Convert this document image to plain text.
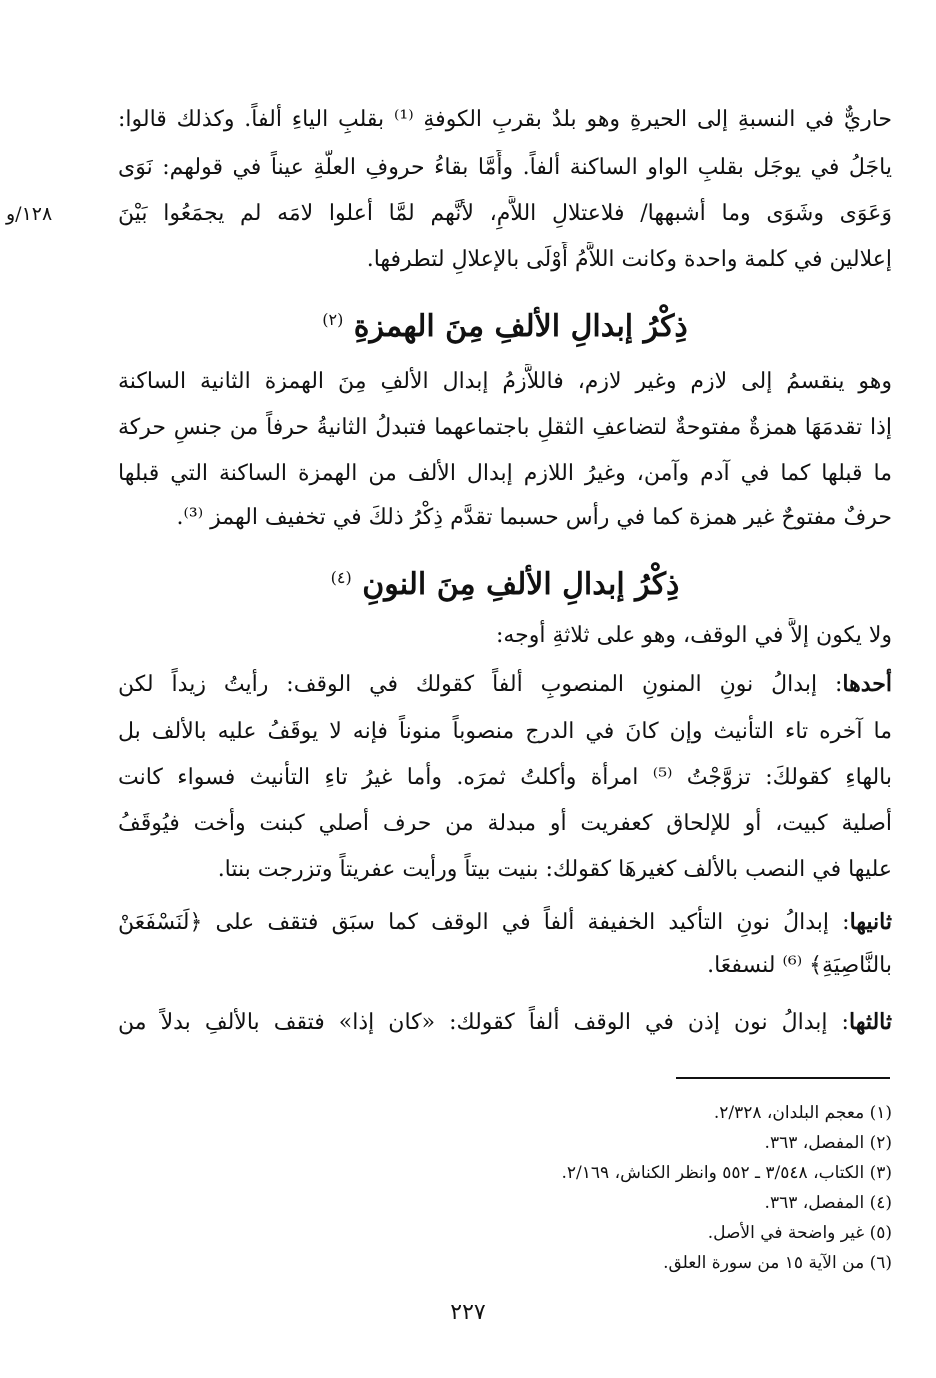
حاريٌّ في النسبةِ إلى الحيرةِ وهو بلدٌ بقربِ الكوفةِ ⁽¹⁾ بقلبِ الياءِ ألفاً. وكذلك قالوا:
ياجَلُ في يوجَل بقلبِ الواو الساكنة ألفاً. وأَمَّا بقاءُ حروفِ العلَّةِ عيناً في قولهم: نَوَى
وَعَوَى وشَوَى وما أشبهها/ فلاعتلالِ اللاَّمِ، لأنَّهم لمَّا أعلوا لامَه لم يجمَعُوا بَيْنَ
إعلالين في كلمة واحدة وكانت اللاَّمُ أَوْلَى بالإعلالِ لتطرفها.
١٢٨/و
ذِكْرُ إبدالِ الألفِ مِنَ الهمزةِ $^{(٢)}$
وهو ينقسمُ إلى لازم وغير لازم، فاللاَّزمُ إبدال الألفِ مِنَ الهمزة الثانية الساكنة
إذا تقدمَهَا همزةٌ مفتوحةٌ لتضاعفِ الثقلِ باجتماعهما فتبدلُ الثانيةُ حرفاً من جنسِ حركة
ما قبلها كما في آدم وآمن، وغيرُ اللازم إبدال الألف من الهمزة الساكنة التي قبلها
حرفٌ مفتوحٌ غير همزة كما في رأس حسبما تقدَّم ذِكْرُ ذلكَ في تخفيف الهمز ⁽³⁾.
ذِكْرُ إبدالِ الألفِ مِنَ النونِ $^{(٤)}$
ولا يكون إلاَّ في الوقف، وهو على ثلاثةِ أوجه:
أحدها: إبدالُ نونِ المنونِ المنصوبِ ألفاً كقولك في الوقف: رأيتُ زيداً لكن
ما آخره تاء التأنيث وإن كانَ في الدرج منصوباً منوناً فإنه لا يوقَفُ عليه بالألف بل
بالهاءِ كقولكَ: تزوَّجْتُ ⁽⁵⁾ امرأة وأكلتُ ثمرَه. وأما غيرُ تاءِ التأنيث فسواء كانت
أصلية كبيت، أو للإلحاق كعفريت أو مبدلة من حرف أصلي كبنت وأخت فيُوقَفُ
عليها في النصب بالألف كغيرهَا كقولك: بنيت بيتاً ورأيت عفريتاً وتزرجت بنتا.
ثانيها: إبدالُ نونِ التأكيد الخفيفة ألفاً في الوقف كما سبَق فتقف على ﴿لَنَسْفَعَنْ
بالنَّاصِيَةِ﴾ ⁽⁶⁾ لنسفعَا.
ثالثها: إبدالُ نون إذن في الوقف ألفاً كقولك: «كان إذا» فتقف بالألفِ بدلاً من
(١) معجم البلدان، ٢/٣٢٨.
(٢) المفصل، ٣٦٣.
(٣) الكتاب، ٣/٥٤٨ ـ ٥٥٢ وانظر الكناش، ٢/١٦٩.
(٤) المفصل، ٣٦٣.
(٥) غير واضحة في الأصل.
(٦) من الآية ١٥ من سورة العلق.
٢٢٧
